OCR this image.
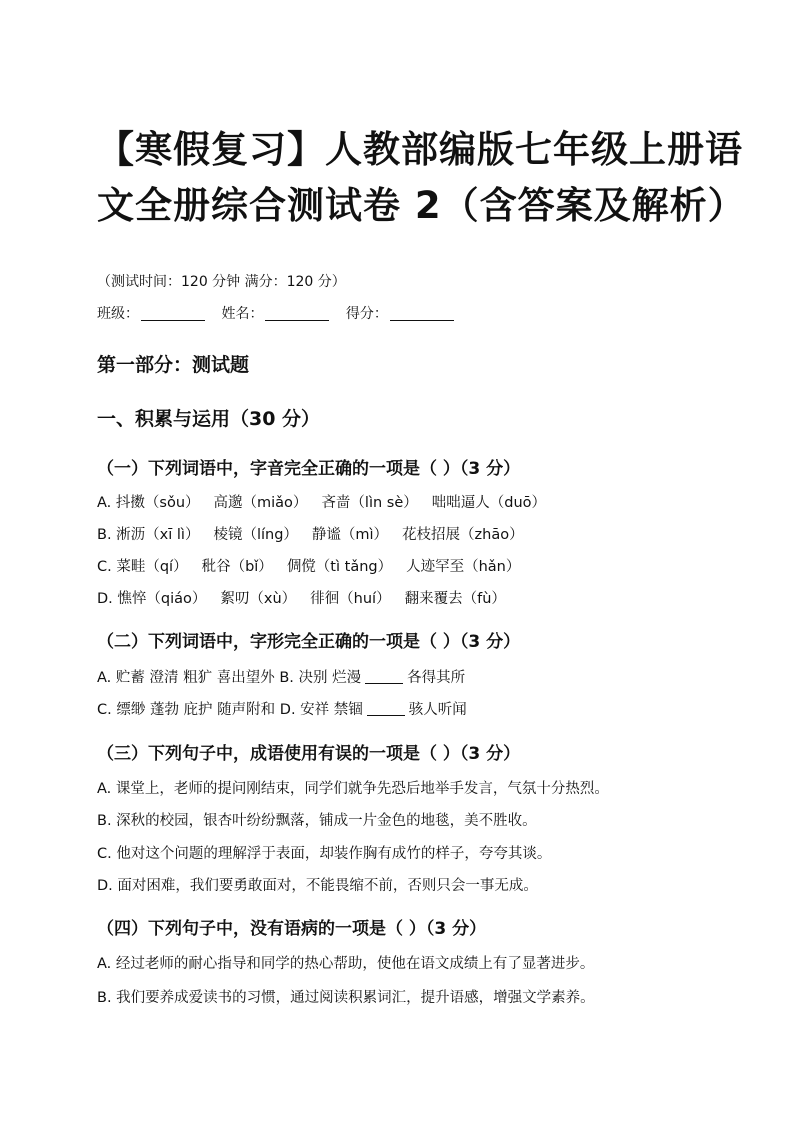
【寒假复习】人教部编版七年级上册语
文全册综合测试卷 2（含答案及解析）
（测试时间：120 分钟 满分：120 分）
班级：	姓名：	得分：
第一部分：测试题
一、积累与运用（30 分）
（一）下列词语中，字音完全正确的一项是（ ）（3 分）
A. 抖擞（sǒu） 高邈（miǎo） 吝啬（lìn sè） 咄咄逼人（duō）
B. 淅沥（xī lì） 棱镜（líng） 静谧（mì） 花枝招展（zhāo）
C. 菜畦（qí） 秕谷（bǐ） 倜傥（tì tǎng） 人迹罕至（hǎn）
D. 憔悴（qiáo） 絮叨（xù） 徘徊（huí） 翻来覆去（fù）
（二）下列词语中，字形完全正确的一项是（ ）（3 分）
A. 贮蓄 澄清 粗犷 喜出望外 B. 决别 烂漫	各得其所
C. 缥缈 蓬勃 庇护 随声附和 D. 安祥 禁锢	骇人听闻
（三）下列句子中，成语使用有误的一项是（ ）（3 分）
A. 课堂上，老师的提问刚结束，同学们就争先恐后地举手发言，气氛十分热烈。
B. 深秋的校园，银杏叶纷纷飘落，铺成一片金色的地毯，美不胜收。
C. 他对这个问题的理解浮于表面，却装作胸有成竹的样子，夸夸其谈。
D. 面对困难，我们要勇敢面对，不能畏缩不前，否则只会一事无成。
（四）下列句子中，没有语病的一项是（ ）（3 分）
A. 经过老师的耐心指导和同学的热心帮助，使他在语文成绩上有了显著进步。
B. 我们要养成爱读书的习惯，通过阅读积累词汇，提升语感，增强文学素养。
